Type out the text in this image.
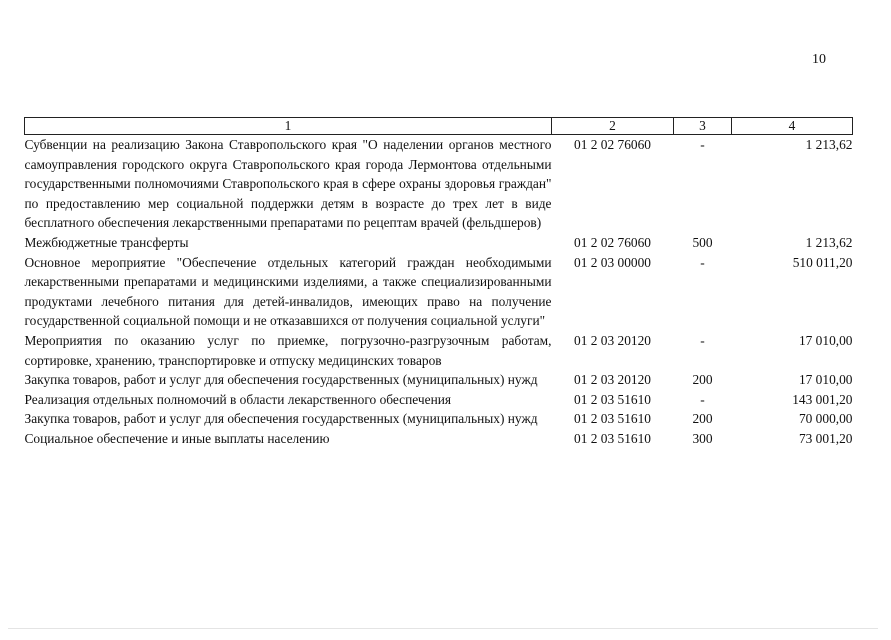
10
1	2	3	4
Субвенции на реализацию Закона Ставропольского края "О наделении органов местного самоуправления городского округа Ставропольского края города Лермонтова отдельными государственными полномочиями Ставропольского края в сфере охраны здоровья граждан" по предоставлению мер социальной поддержки детям в возрасте до трех лет в виде бесплатного обеспечения лекарственными препаратами по рецептам врачей (фельдшеров)	01 2 02 76060	-	1 213,62
Межбюджетные трансферты	01 2 02 76060	500	1 213,62
Основное мероприятие "Обеспечение отдельных категорий граждан необходимыми лекарственными препаратами и медицинскими изделиями, а также специализированными продуктами лечебного питания для детей-инвалидов, имеющих право на получение государственной социальной помощи и не отказавшихся от получения социальной услуги"	01 2 03 00000	-	510 011,20
Мероприятия по оказанию услуг по приемке, погрузочно-разгрузочным работам, сортировке, хранению, транспортировке и отпуску медицинских товаров	01 2 03 20120	-	17 010,00
Закупка товаров, работ и услуг для обеспечения государственных (муниципальных) нужд	01 2 03 20120	200	17 010,00
Реализация отдельных полномочий в области лекарственного обеспечения	01 2 03 51610	-	143 001,20
Закупка товаров, работ и услуг для обеспечения государственных (муниципальных) нужд	01 2 03 51610	200	70 000,00
Социальное обеспечение и иные выплаты населению	01 2 03 51610	300	73 001,20
